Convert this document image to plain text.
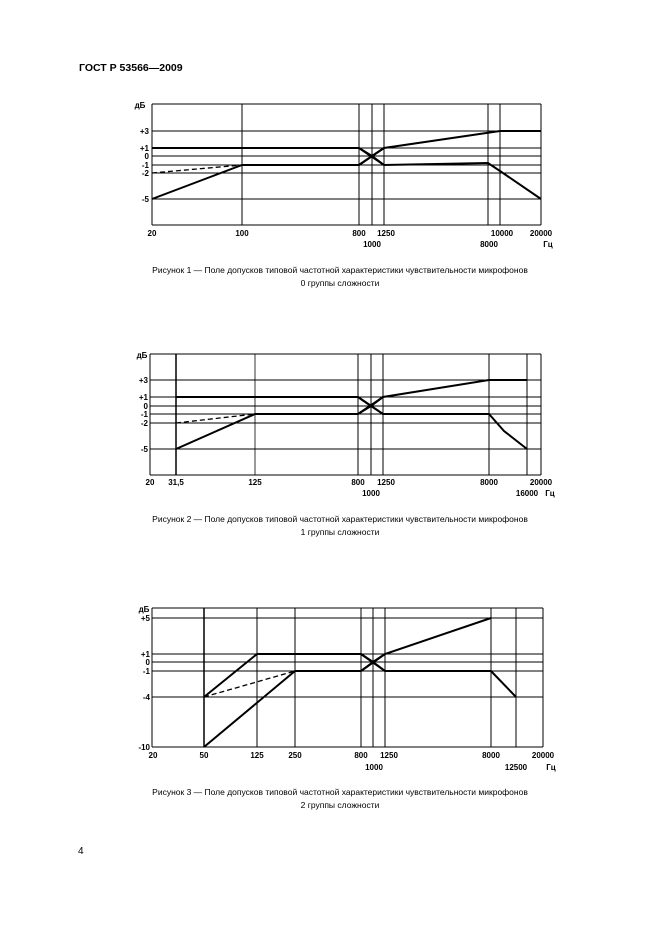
ГОСТ Р 53566—2009
дБ
+3
+1
0
-1
-2
-5
20	100	800 1250	10000 20000
1000	8000	Гц
Рисунок 1 — Поле допусков типовой частотной характеристики чувствительности микрофонов
0 группы сложности
дБ
+3
+1
0
-1
-2
-5
20 31,5	125	800 1250	8000	20000
1000	16000 Гц
Рисунок 2 — Поле допусков типовой частотной характеристики чувствительности микрофонов
1 группы сложности
дБ
+5
+1
0
-1
-4
-10
20	50	125	250	800 1250	8000	20000
1000	12500 Гц
Рисунок 3 — Поле допусков типовой частотной характеристики чувствительности микрофонов
2 группы сложности
4
